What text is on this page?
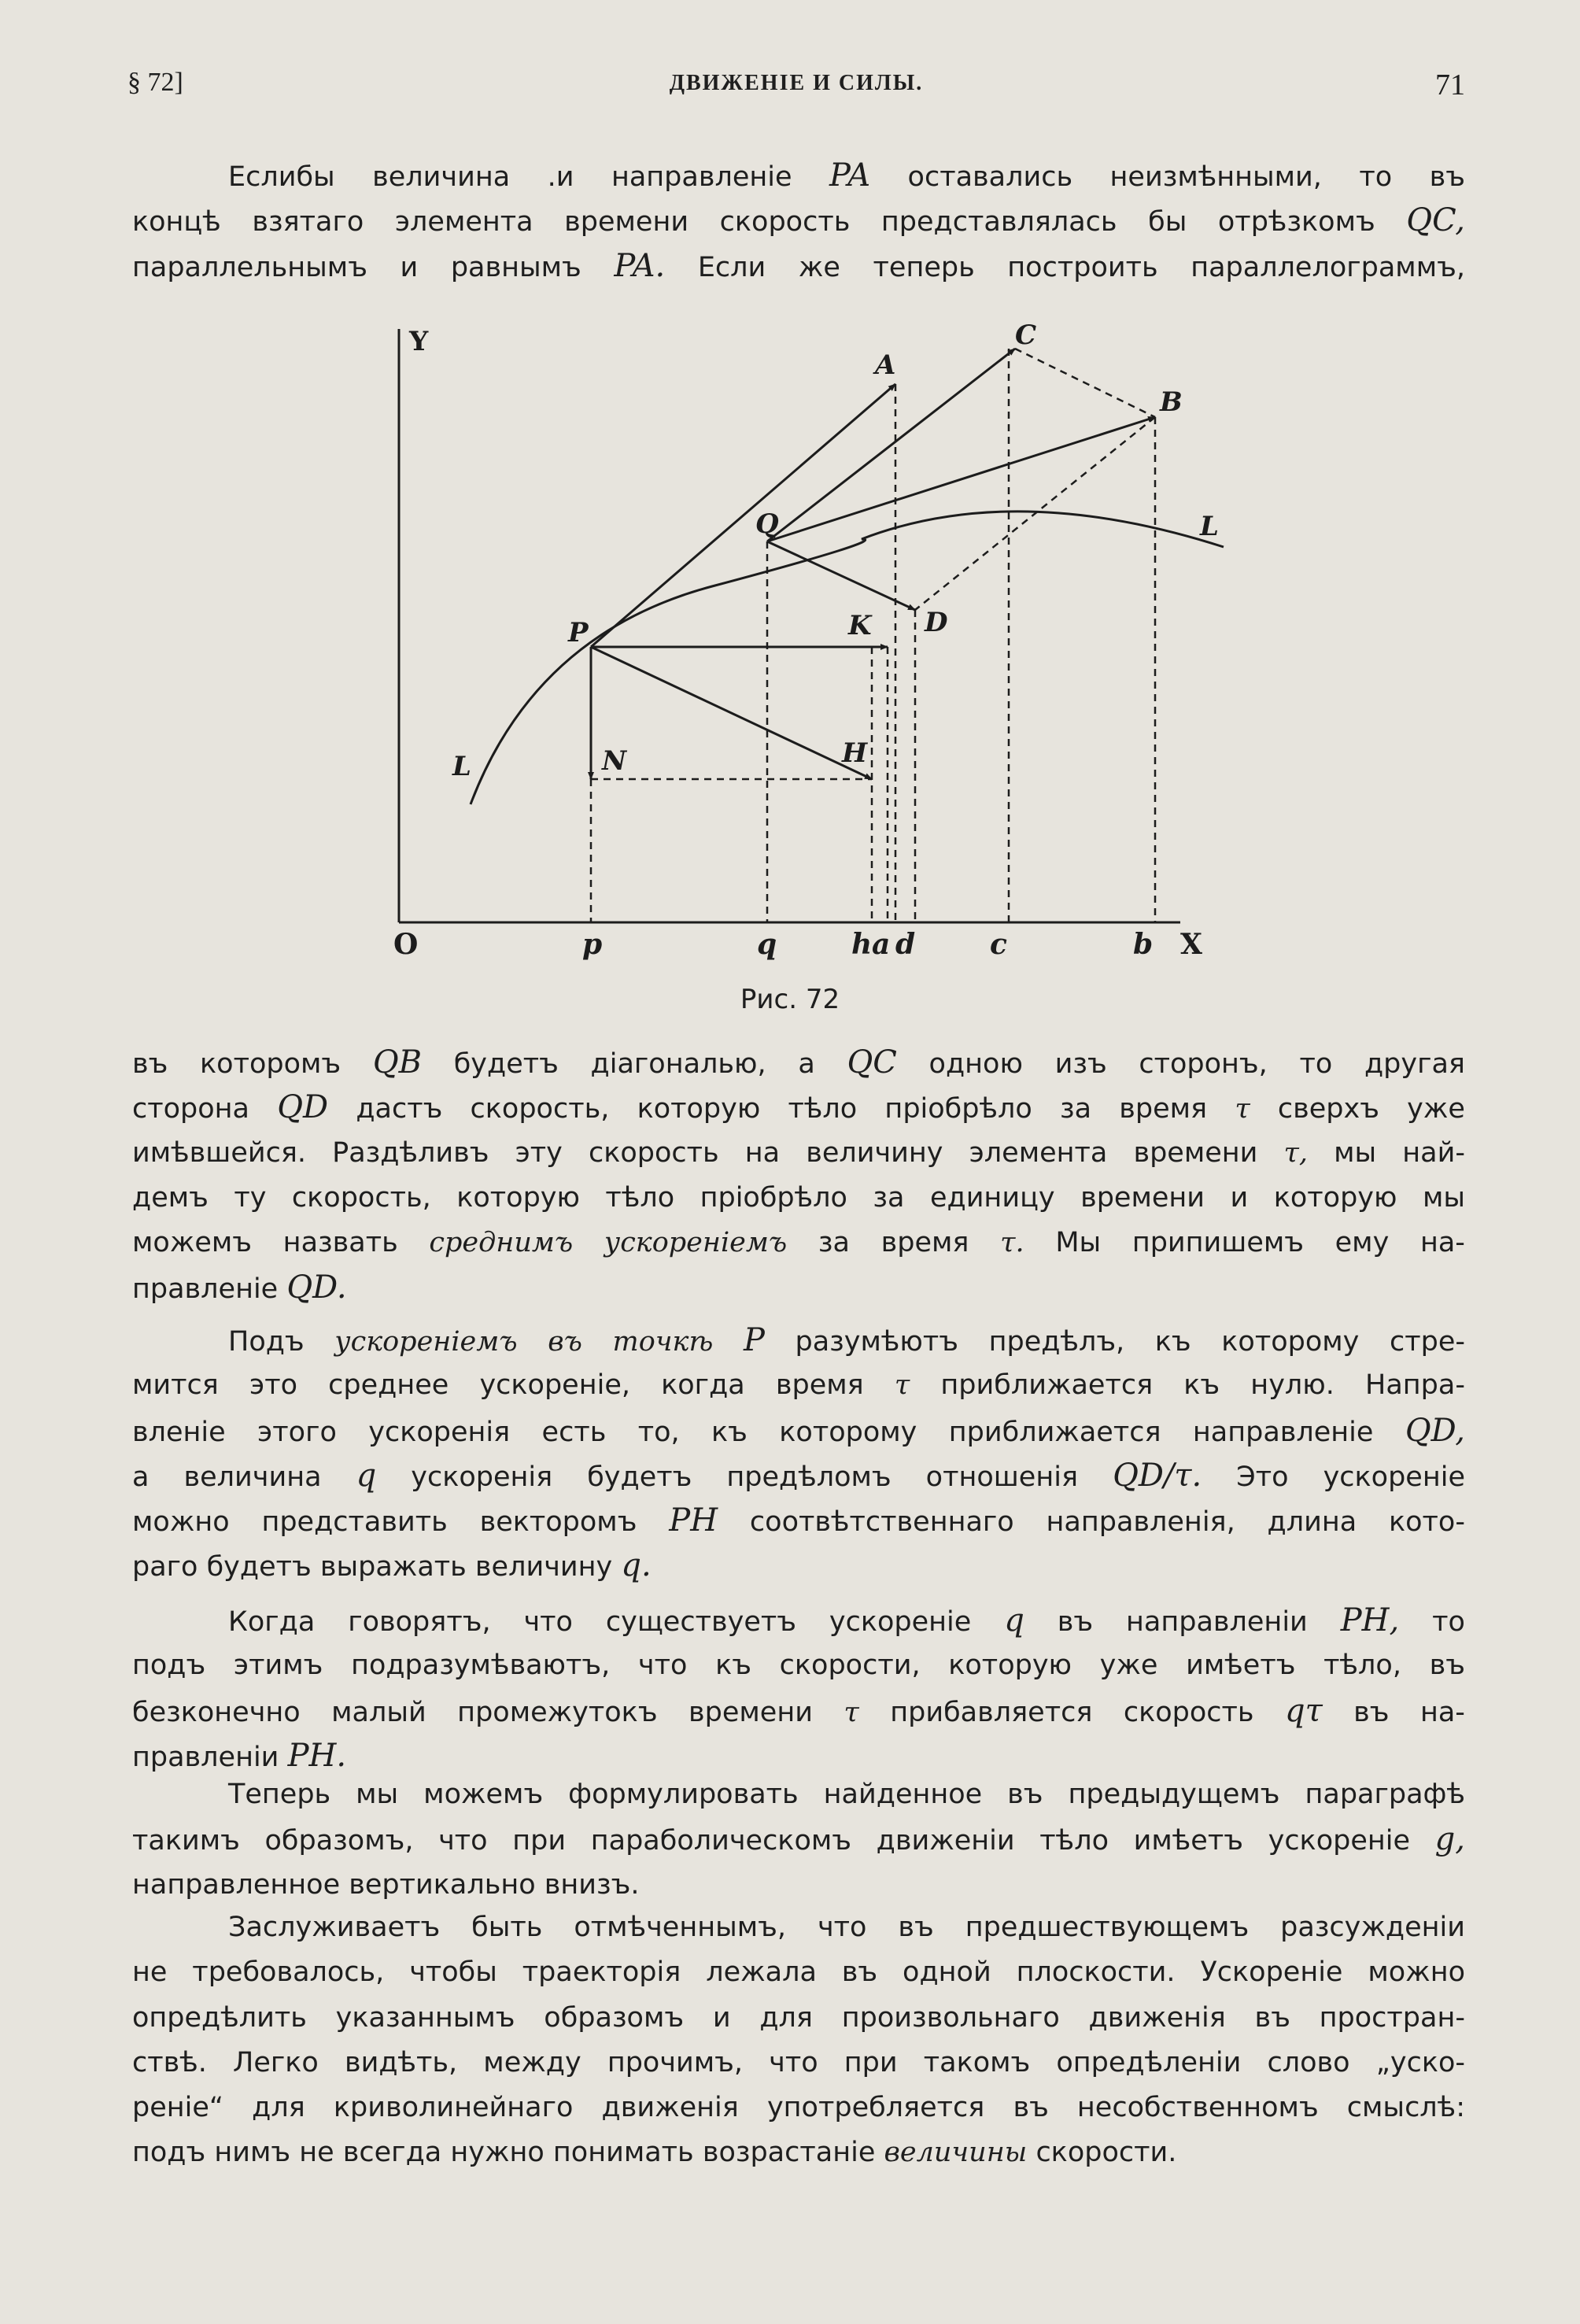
§ 72]	ДВИЖЕНІЕ И СИЛЫ.	71
Еслибы величина .и направленіе PA оставались неизмѣнными, то въ
концѣ взятаго элемента времени скорость представлялась бы отрѣзкомъ QC,
параллельнымъ и равнымъ PA. Если же теперь построить параллелограммъ,
Y
A
C
B
Q	L
K D
P
L	N	H
O	p	q	h a d	c	b X
Рис. 72
въ которомъ QB будетъ діагональю, а QC одною изъ сторонъ, то другая
сторона QD дастъ скорость, которую тѣло пріобрѣло за время τ сверхъ уже
имѣвшейся. Раздѣливъ эту скорость на величину элемента времени τ, мы най-
демъ ту скорость, которую тѣло пріобрѣло за единицу времени и которую мы
можемъ назвать среднимъ ускореніемъ за время τ. Мы припишемъ ему на-
правленіе QD.
Подъ ускореніемъ въ точкѣ P разумѣютъ предѣлъ, къ которому стре-
мится это среднее ускореніе, когда время τ приближается къ нулю. Напра-
вленіе этого ускоренія есть то, къ которому приближается направленіе QD,
а величина q ускоренія будетъ предѣломъ отношенія QD/τ. Это ускореніе
можно представить векторомъ PH соотвѣтственнаго направленія, длина кото-
раго будетъ выражать величину q.
Когда говорятъ, что существуетъ ускореніе q въ направленіи PH, то
подъ этимъ подразумѣваютъ, что къ скорости, которую уже имѣетъ тѣло, въ
безконечно малый промежутокъ времени τ прибавляется скорость qτ въ на-
правленіи PH.
Теперь мы можемъ формулировать найденное въ предыдущемъ параграфѣ
такимъ образомъ, что при параболическомъ движеніи тѣло имѣетъ ускореніе g,
направленное вертикально внизъ.
Заслуживаетъ быть отмѣченнымъ, что въ предшествующемъ разсужденіи
не требовалось, чтобы траекторія лежала въ одной плоскости. Ускореніе можно
опредѣлить указаннымъ образомъ и для произвольнаго движенія въ простран-
ствѣ. Легко видѣть, между прочимъ, что при такомъ опредѣленіи слово „уско-
реніе“ для криволинейнаго движенія употребляется въ несобственномъ смыслѣ:
подъ нимъ не всегда нужно понимать возрастаніе величины скорости.
